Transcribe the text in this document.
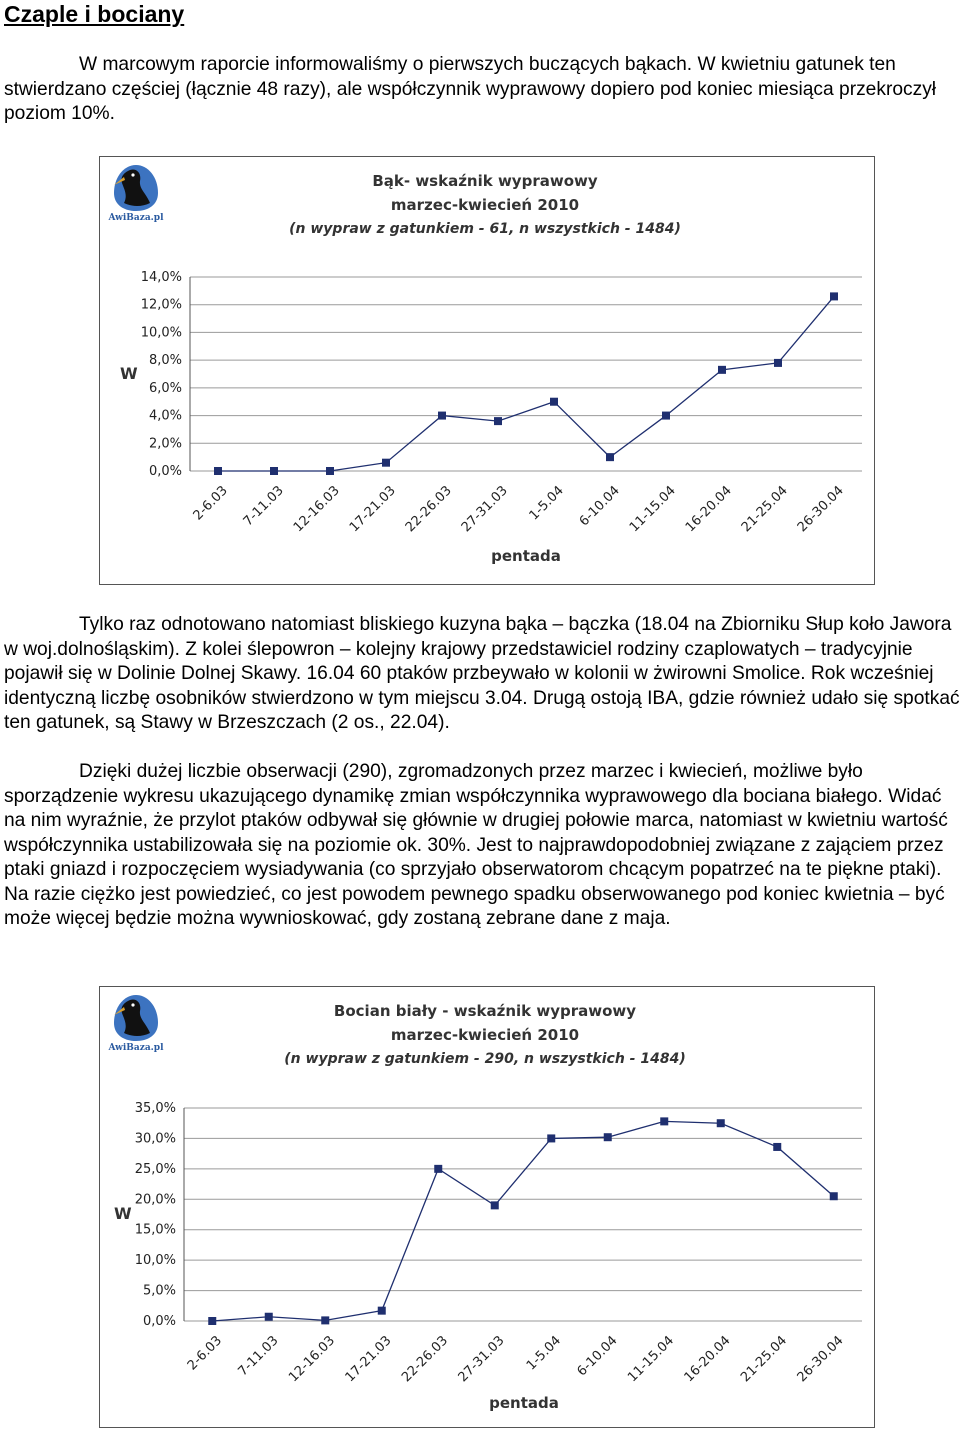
Czaple i bociany

W marcowym raporcie informowaliśmy o pierwszych buczących bąkach. W kwietniu gatunek ten stwierdzano częściej (łącznie 48 razy), ale współczynnik wyprawowy dopiero pod koniec miesiąca przekroczył poziom 10%.

AwiBaza.pl
Bąk- wskaźnik wyprawowy
marzec-kwiecień 2010
(n wypraw z gatunkiem - 61, n wszystkich - 1484)
0,0%
2,0%
4,0%
6,0%
8,0%
10,0%
12,0%
14,0%
2-6.03 7-11.03 12-16.03 17-21.03 22-26.03 27-31.03 1-5.04 6-10.04 11-15.04 16-20.04 21-25.04 26-30.04
W
pentada

Tylko raz odnotowano natomiast bliskiego kuzyna bąka – bączka (18.04 na Zbiorniku Słup koło Jawora w woj.dolnośląskim). Z kolei ślepowron – kolejny krajowy przedstawiciel rodziny czaplowatych – tradycyjnie pojawił się w Dolinie Dolnej Skawy. 16.04 60 ptaków przbeywało w kolonii w żwirowni Smolice. Rok wcześniej identyczną liczbę osobników stwierdzono w tym miejscu 3.04. Drugą ostoją IBA, gdzie również udało się spotkać ten gatunek, są Stawy w Brzeszczach (2 os., 22.04).

Dzięki dużej liczbie obserwacji (290), zgromadzonych przez marzec i kwiecień, możliwe było sporządzenie wykresu ukazującego dynamikę zmian współczynnika wyprawowego dla bociana białego. Widać na nim wyraźnie, że przylot ptaków odbywał się głównie w drugiej połowie marca, natomiast w kwietniu wartość współczynnika ustabilizowała się na poziomie ok. 30%. Jest to najprawdopodobniej związane z zająciem przez ptaki gniazd i rozpoczęciem wysiadywania (co sprzyjało obserwatorom chcącym popatrzeć na te piękne ptaki). Na razie ciężko jest powiedzieć, co jest powodem pewnego spadku obserwowanego pod koniec kwietnia – być może więcej będzie można wywnioskować, gdy zostaną zebrane dane z maja.

AwiBaza.pl
Bocian biały - wskaźnik wyprawowy
marzec-kwiecień 2010
(n wypraw z gatunkiem - 290, n wszystkich - 1484)
0,0%
5,0%
10,0%
15,0%
20,0%
25,0%
30,0%
35,0%
2-6.03 7-11.03 12-16.03 17-21.03 22-26.03 27-31.03 1-5.04 6-10.04 11-15.04 16-20.04 21-25.04 26-30.04
W
pentada
